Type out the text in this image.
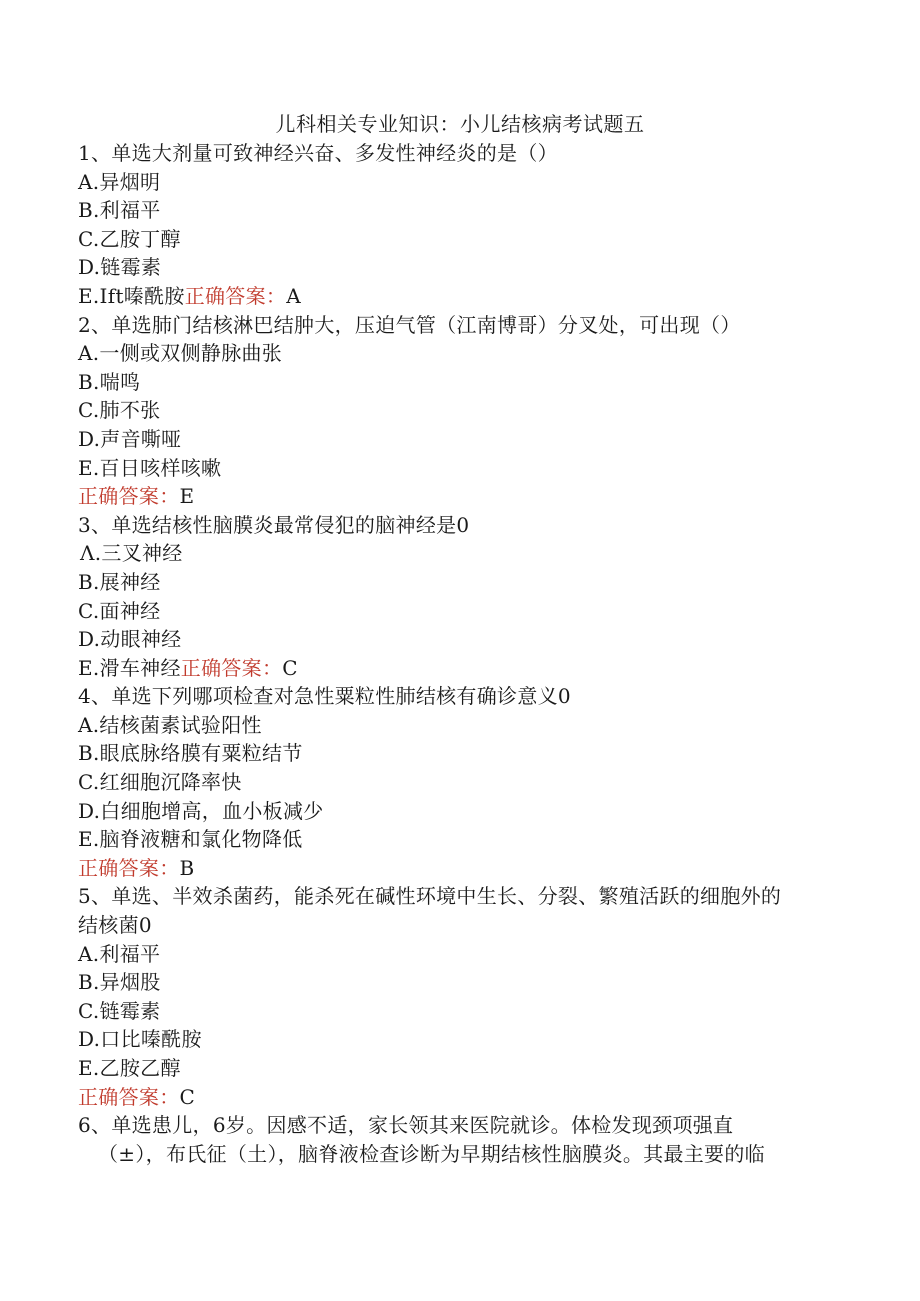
儿科相关专业知识：小儿结核病考试题五
1、单选大剂量可致神经兴奋、多发性神经炎的是（）
A.异烟明
B.利福平
C.乙胺丁醇
D.链霉素
E.Ift嗪酰胺正确答案：A
2、单选肺门结核淋巴结肿大，压迫气管（江南博哥）分叉处，可出现（）
A.一侧或双侧静脉曲张
B.喘鸣
C.肺不张
D.声音嘶哑
E.百日咳样咳嗽
正确答案：E
3、单选结核性脑膜炎最常侵犯的脑神经是0
Λ.三叉神经
B.展神经
C.面神经
D.动眼神经
E.滑车神经正确答案：C
4、单选下列哪项检查对急性粟粒性肺结核有确诊意义0
A.结核菌素试验阳性
B.眼底脉络膜有粟粒结节
C.红细胞沉降率快
D.白细胞增高，血小板减少
E.脑脊液糖和氯化物降低
正确答案：B
5、单选、半效杀菌药，能杀死在碱性环境中生长、分裂、繁殖活跃的细胞外的
结核菌0
A.利福平
B.异烟股
C.链霉素
D.口比嗪酰胺
E.乙胺乙醇
正确答案：C
6、单选患儿，6岁。因感不适，家长领其来医院就诊。体检发现颈项强直
（±），布氏征（土），脑脊液检查诊断为早期结核性脑膜炎。其最主要的临
